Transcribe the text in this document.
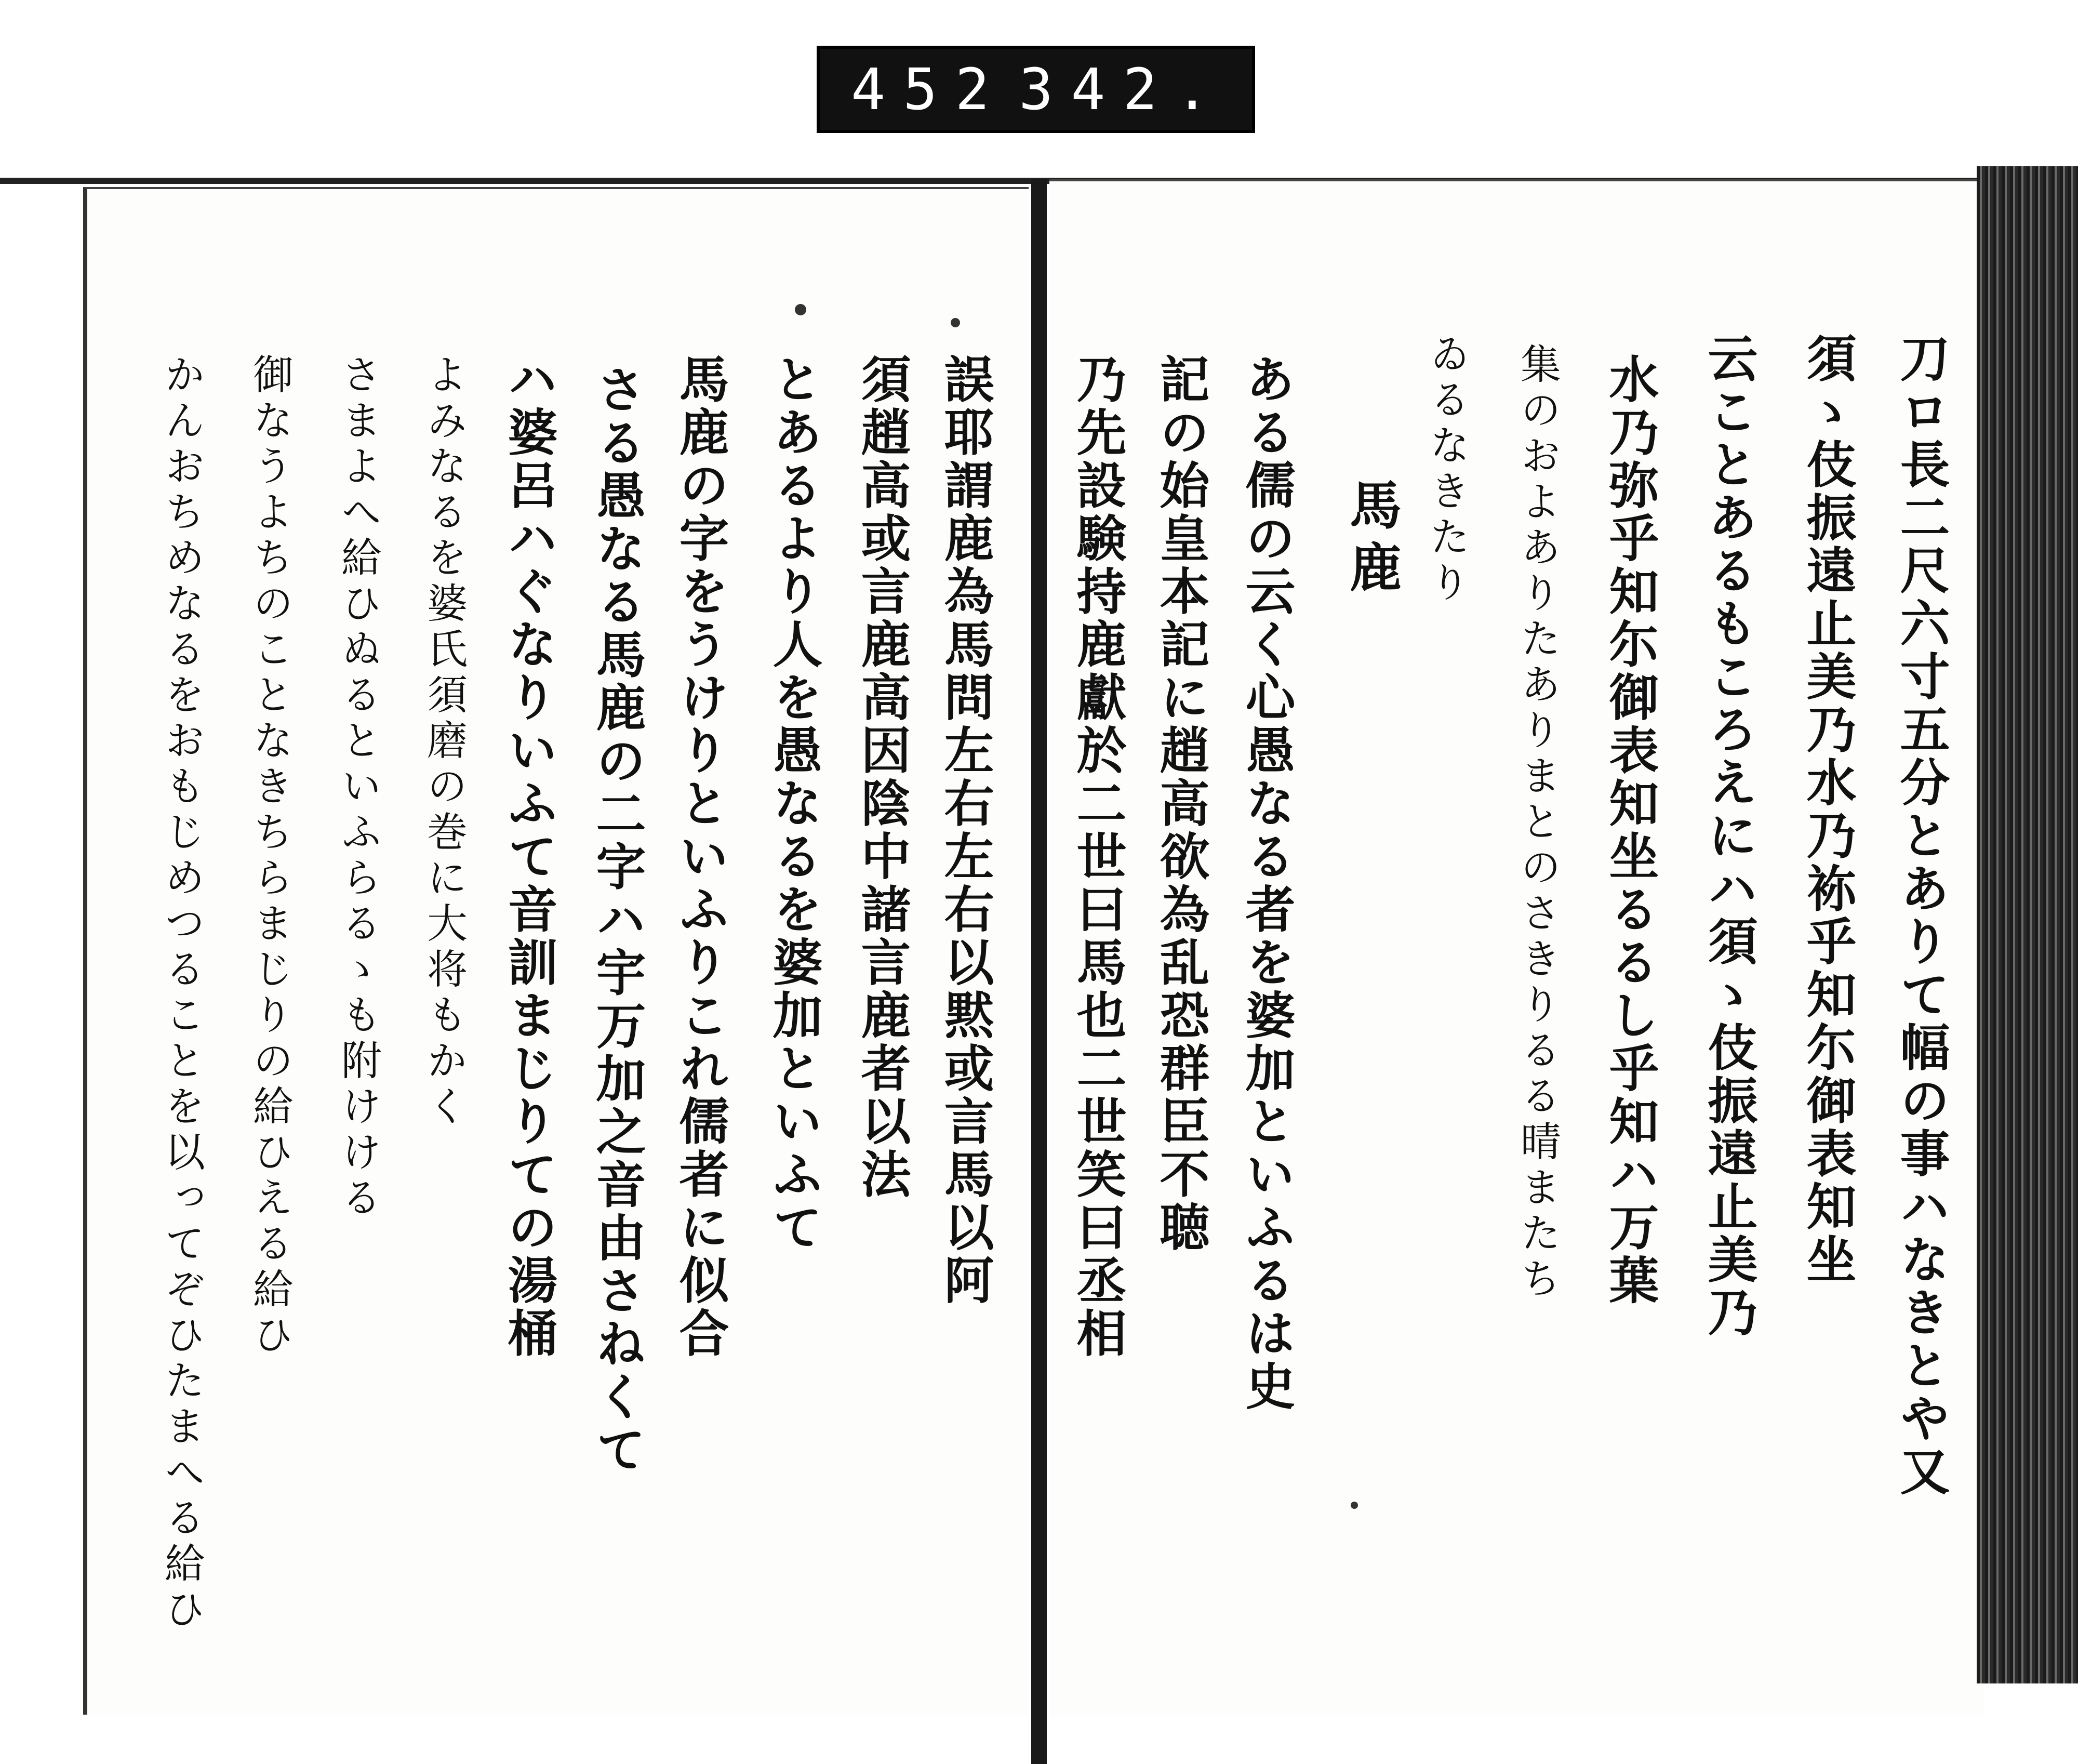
452 342.
刀ロ長二尺六寸五分とありて幅の事ハなきとや又
須ゝ伎振遠止美乃水乃袮乎知尓御表知坐
云ことあるもころえにハ須ゝ伎振遠止美乃
水乃弥乎知尓御表知坐るるし乎知ハ万葉
集のおよありたありまとのさきりるる晴またち
ゐるなきたり
馬鹿
ある儒の云く心愚なる者を婆加といふるは史
記の始皇本記に趙高欲為乱恐群臣不聴
乃先設験持鹿獻於二世曰馬也二世笑曰丞相
誤耶謂鹿為馬問左右左右以黙或言馬以阿
須趙高或言鹿高因陰中諸言鹿者以法
とあるより人を愚なるを婆加といふて
馬鹿の字をうけりといふりこれ儒者に似合
さる愚なる馬鹿の二字ハ宇万加之音由さねくて
ハ婆呂ハぐなりいふて音訓まじりての湯桶
よみなるを婆氏須磨の巻に大将もかく
さまよへ給ひぬるといふらるゝも附けける
御なうよちのことなきちらまじりの給ひえる給ひ
かんおちめなるをおもじめつることを以ってぞひたまへる給ひ
